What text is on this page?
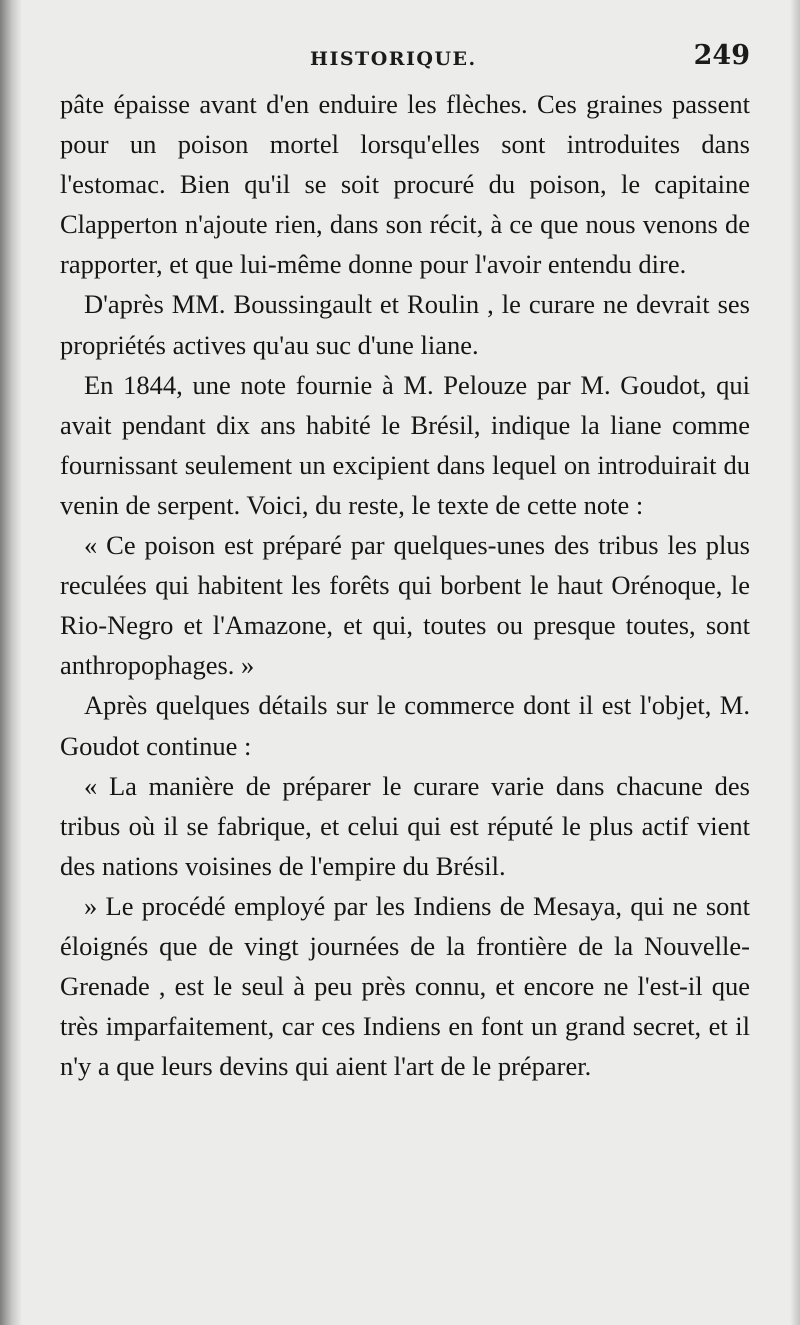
HISTORIQUE.	249

pâte épaisse avant d'en enduire les flèches. Ces graines passent pour un poison mortel lorsqu'elles sont introduites dans l'estomac. Bien qu'il se soit procuré du poison, le capitaine Clapperton n'ajoute rien, dans son récit, à ce que nous venons de rapporter, et que lui-même donne pour l'avoir entendu dire.

D'après MM. Boussingault et Roulin , le curare ne devrait ses propriétés actives qu'au suc d'une liane.

En 1844, une note fournie à M. Pelouze par M. Goudot, qui avait pendant dix ans habité le Brésil, indique la liane comme fournissant seulement un excipient dans lequel on introduirait du venin de serpent. Voici, du reste, le texte de cette note :

« Ce poison est préparé par quelques-unes des tribus les plus reculées qui habitent les forêts qui borbent le haut Orénoque, le Rio-Negro et l'Amazone, et qui, toutes ou presque toutes, sont anthropophages. »

Après quelques détails sur le commerce dont il est l'objet, M. Goudot continue :

« La manière de préparer le curare varie dans chacune des tribus où il se fabrique, et celui qui est réputé le plus actif vient des nations voisines de l'empire du Brésil.

» Le procédé employé par les Indiens de Mesaya, qui ne sont éloignés que de vingt journées de la frontière de la Nouvelle-Grenade , est le seul à peu près connu, et encore ne l'est-il que très imparfaitement, car ces Indiens en font un grand secret, et il n'y a que leurs devins qui aient l'art de le préparer.
